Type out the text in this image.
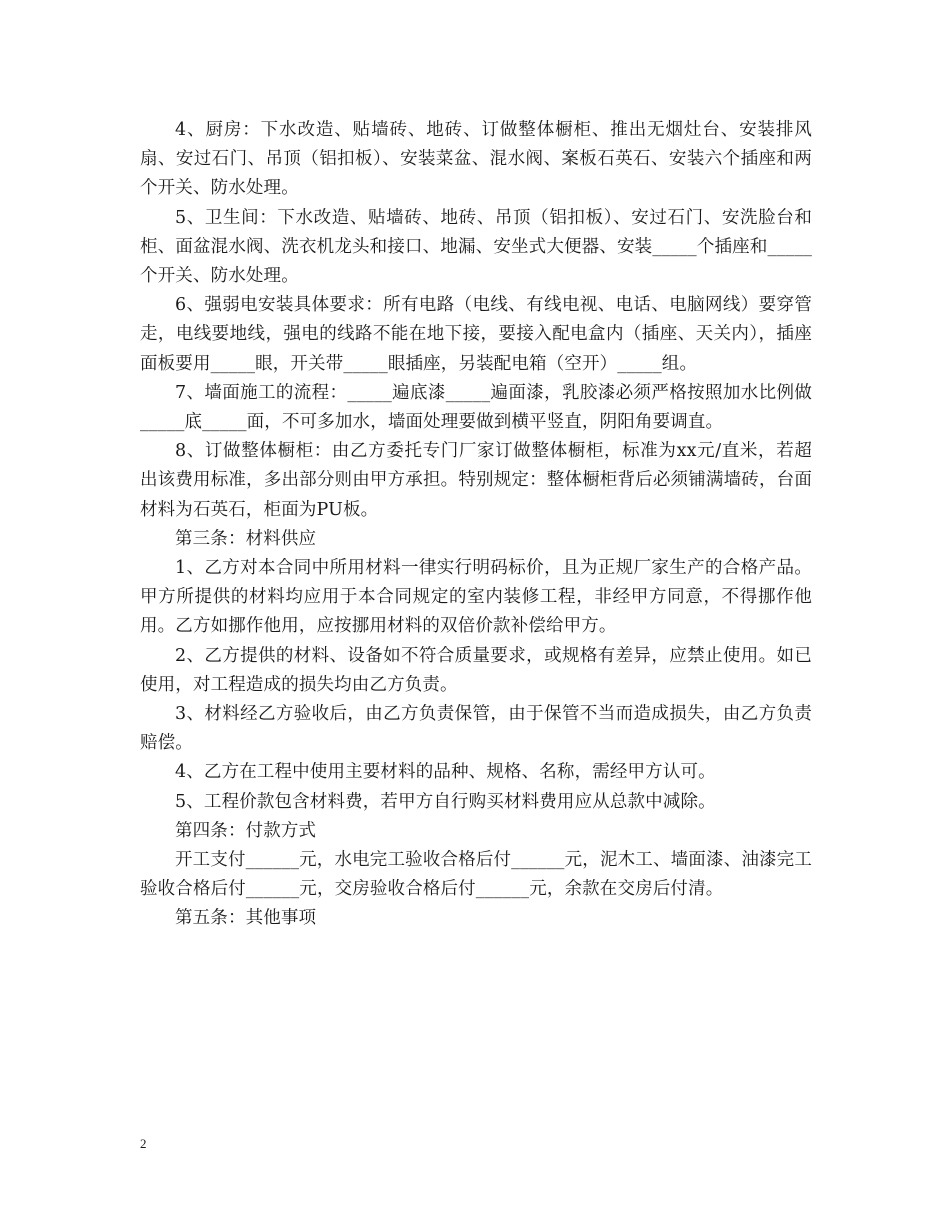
4、厨房：下水改造、贴墙砖、地砖、订做整体橱柜、推出无烟灶台、安装排风扇、安过石门、吊顶（铝扣板）、安装菜盆、混水阀、案板石英石、安装六个插座和两个开关、防水处理。

5、卫生间：下水改造、贴墙砖、地砖、吊顶（铝扣板）、安过石门、安洗脸台和柜、面盆混水阀、洗衣机龙头和接口、地漏、安坐式大便器、安装_____个插座和_____个开关、防水处理。

6、强弱电安装具体要求：所有电路（电线、有线电视、电话、电脑网线）要穿管走，电线要地线，强电的线路不能在地下接，要接入配电盒内（插座、天关内），插座面板要用_____眼，开关带_____眼插座，另装配电箱（空开）_____组。

7、墙面施工的流程：_____遍底漆_____遍面漆，乳胶漆必须严格按照加水比例做_____底_____面，不可多加水，墙面处理要做到横平竖直，阴阳角要调直。

8、订做整体橱柜：由乙方委托专门厂家订做整体橱柜，标准为xx元/直米，若超出该费用标准，多出部分则由甲方承担。特别规定：整体橱柜背后必须铺满墙砖，台面材料为石英石，柜面为PU板。

第三条：材料供应

1、乙方对本合同中所用材料一律实行明码标价，且为正规厂家生产的合格产品。甲方所提供的材料均应用于本合同规定的室内装修工程，非经甲方同意，不得挪作他用。乙方如挪作他用，应按挪用材料的双倍价款补偿给甲方。

2、乙方提供的材料、设备如不符合质量要求，或规格有差异，应禁止使用。如已使用，对工程造成的损失均由乙方负责。

3、材料经乙方验收后，由乙方负责保管，由于保管不当而造成损失，由乙方负责赔偿。

4、乙方在工程中使用主要材料的品种、规格、名称，需经甲方认可。

5、工程价款包含材料费，若甲方自行购买材料费用应从总款中减除。

第四条：付款方式

开工支付______元，水电完工验收合格后付______元，泥木工、墙面漆、油漆完工验收合格后付______元，交房验收合格后付______元，余款在交房后付清。

第五条：其他事项

2
